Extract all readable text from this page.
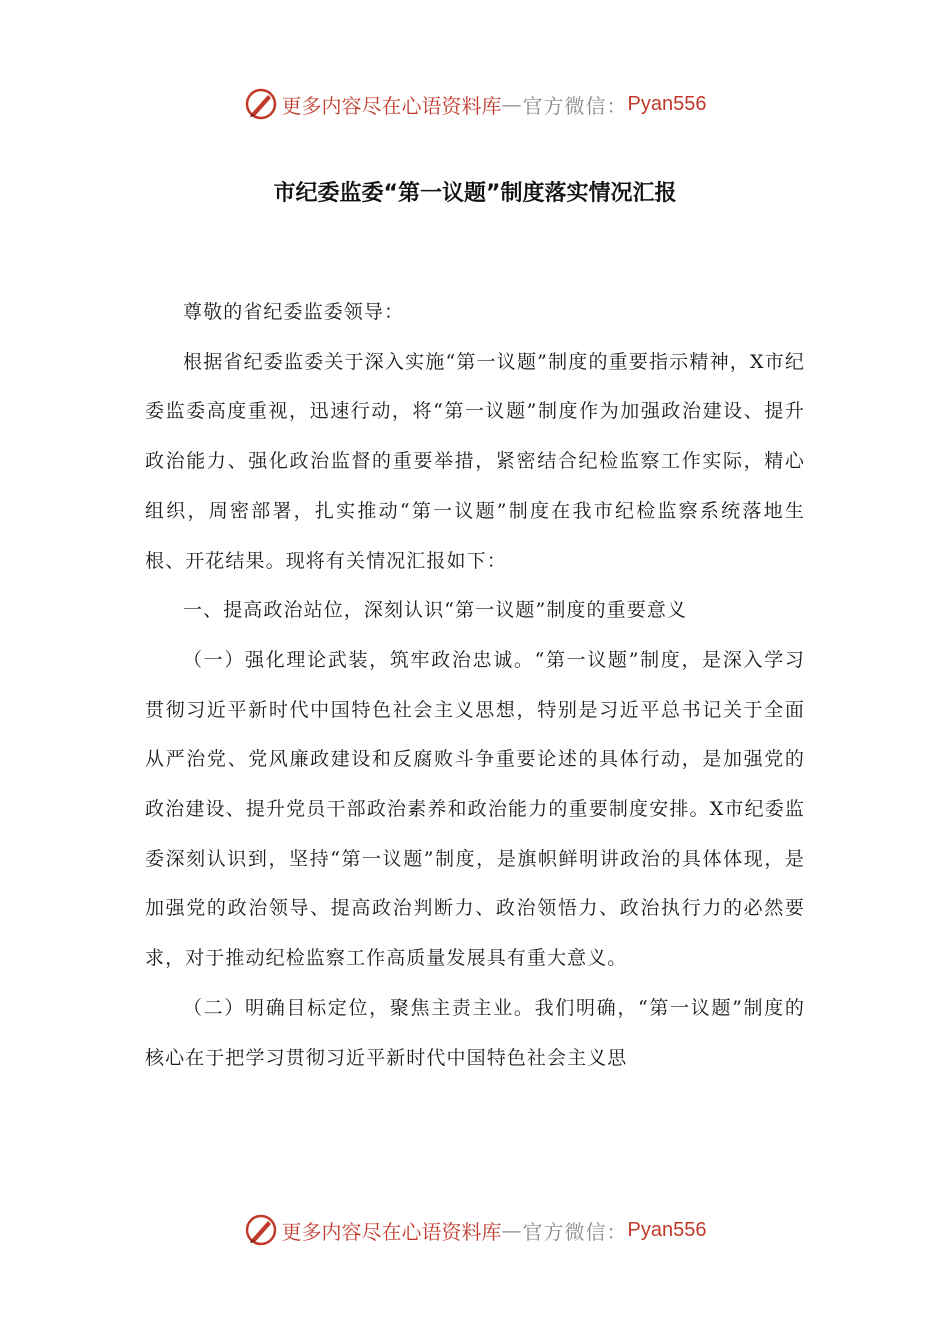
更多内容尽在心语资料库 — 官方微信： Pyan556
市纪委监委“第一议题”制度落实情况汇报

尊敬的省纪委监委领导：

根据省纪委监委关于深入实施“第一议题”制度的重要指示精神，X市纪委监委高度重视，迅速行动，将“第一议题”制度作为加强政治建设、提升政治能力、强化政治监督的重要举措，紧密结合纪检监察工作实际，精心组织，周密部署，扎实推动“第一议题”制度在我市纪检监察系统落地生根、开花结果。现将有关情况汇报如下：

一、提高政治站位，深刻认识“第一议题”制度的重要意义

（一）强化理论武装，筑牢政治忠诚。“第一议题”制度，是深入学习贯彻习近平新时代中国特色社会主义思想，特别是习近平总书记关于全面从严治党、党风廉政建设和反腐败斗争重要论述的具体行动，是加强党的政治建设、提升党员干部政治素养和政治能力的重要制度安排。X市纪委监委深刻认识到，坚持“第一议题”制度，是旗帜鲜明讲政治的具体体现，是加强党的政治领导、提高政治判断力、政治领悟力、政治执行力的必然要求，对于推动纪检监察工作高质量发展具有重大意义。

（二）明确目标定位，聚焦主责主业。我们明确，“第一议题”制度的核心在于把学习贯彻习近平新时代中国特色社会主义思

更多内容尽在心语资料库 — 官方微信： Pyan556
